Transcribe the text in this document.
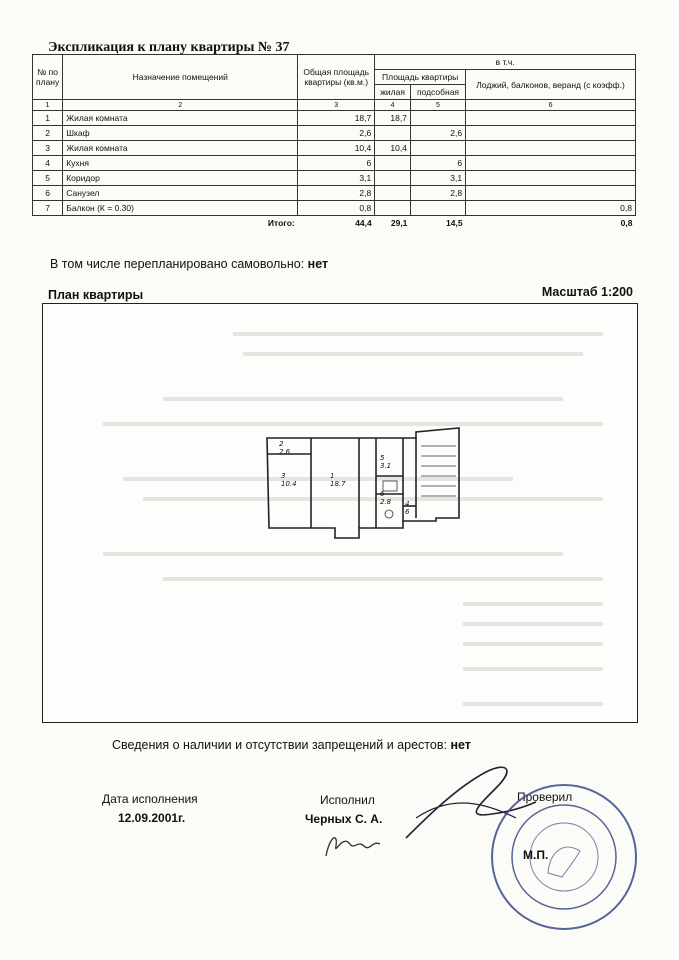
Экспликация к плану квартиры № 37
№ по плану	Назначение помещений	Общая площадь квартиры (кв.м.)	в т.ч.		
			Площадь квартиры		Лоджий, балконов, веранд (с коэфф.)
			жилая	подсобная	
1	2	3	4	5	6
1	Жилая комната	18,7	18,7		
2	Шкаф	2,6		2,6	
3	Жилая комната	10,4	10,4		
4	Кухня	6		6	
5	Коридор	3,1		3,1	
6	Санузел	2,8		2,8	
7	Балкон (К = 0.30)	0,8			0,8
	Итого:	44,4	29,1	14,5	0,8
В том числе перепланировано самовольно: нет
План квартиры	Масштаб 1:200
2
2.6
3
10.4
1
18.7
5
3.1
6
2.8 4
6
Сведения о наличии и отсутствии запрещений и арестов: нет
Дата исполнения
12.09.2001г.
Исполнил
Черных С. А.
Проверил
М.П.
